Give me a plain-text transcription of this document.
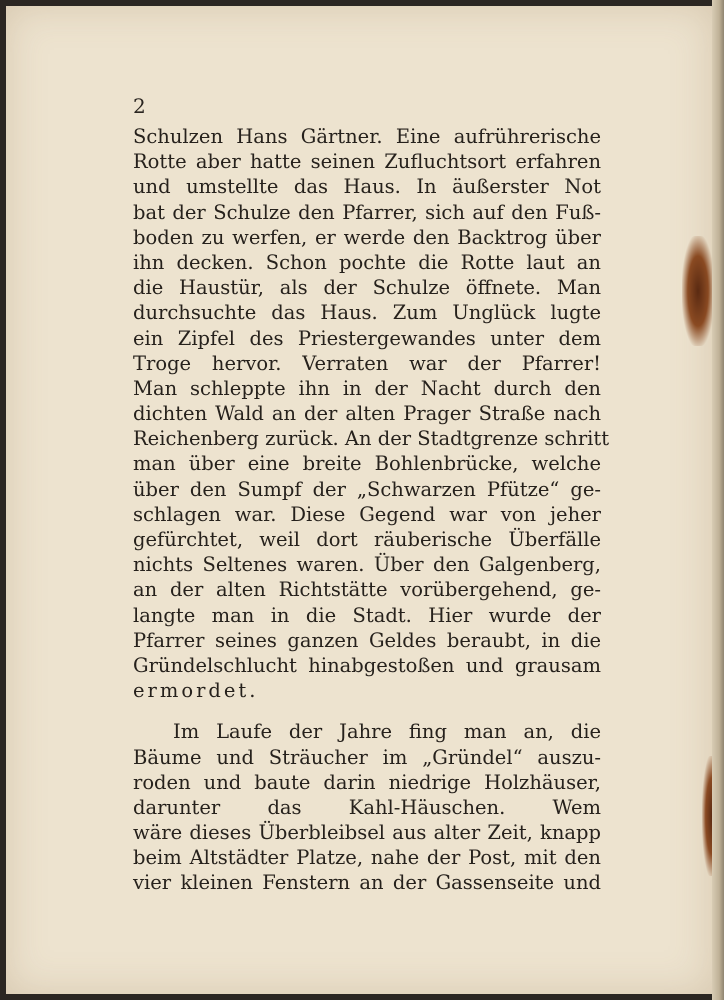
2
Schulzen Hans Gärtner. Eine aufrührerische
Rotte aber hatte seinen Zufluchtsort erfahren
und umstellte das Haus. In äußerster Not
bat der Schulze den Pfarrer, sich auf den Fuß-
boden zu werfen, er werde den Backtrog über
ihn decken. Schon pochte die Rotte laut an
die Haustür, als der Schulze öffnete. Man
durchsuchte das Haus. Zum Unglück lugte
ein Zipfel des Priestergewandes unter dem
Troge hervor. Verraten war der Pfarrer!
Man schleppte ihn in der Nacht durch den
dichten Wald an der alten Prager Straße nach
Reichenberg zurück. An der Stadtgrenze schritt
man über eine breite Bohlenbrücke, welche
über den Sumpf der „Schwarzen Pfütze“ ge-
schlagen war. Diese Gegend war von jeher
gefürchtet, weil dort räuberische Überfälle
nichts Seltenes waren. Über den Galgenberg,
an der alten Richtstätte vorübergehend, ge-
langte man in die Stadt. Hier wurde der
Pfarrer seines ganzen Geldes beraubt, in die
Gründelschlucht hinabgestoßen und grausam
ermordet.
Im Laufe der Jahre fing man an, die
Bäume und Sträucher im „Gründel“ auszu-
roden und baute darin niedrige Holzhäuser,
darunter das Kahl-Häuschen. Wem
wäre dieses Überbleibsel aus alter Zeit, knapp
beim Altstädter Platze, nahe der Post, mit den
vier kleinen Fenstern an der Gassenseite und
